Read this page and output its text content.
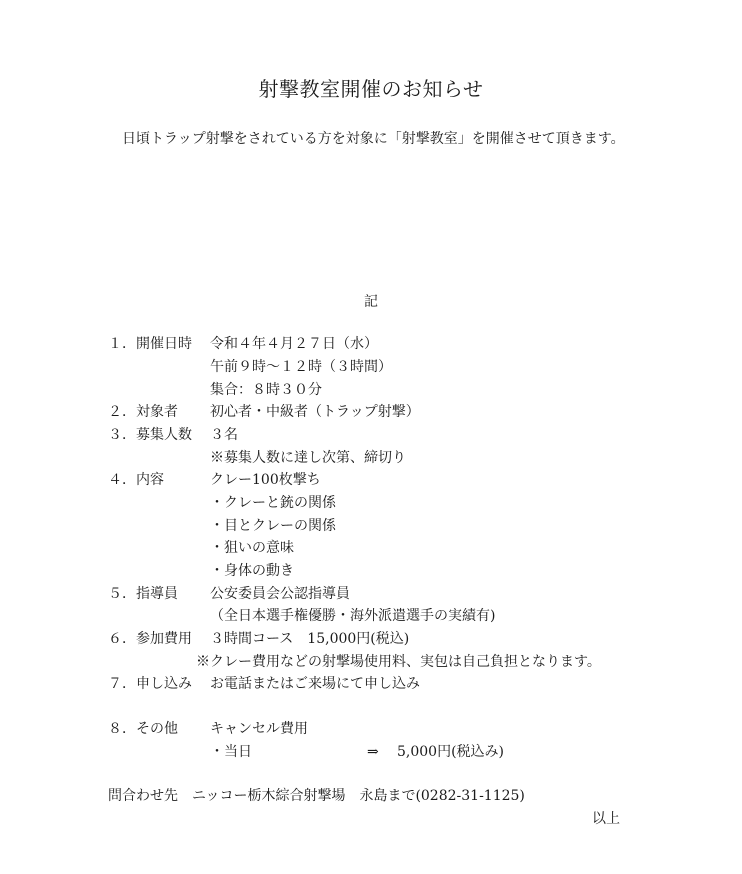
射撃教室開催のお知らせ
　日頃トラップ射撃をされている方を対象に「射撃教室」を開催させて頂きます。
記
１． 開催日時 令和４年４月２７日（水）
午前９時～１２時（３時間）
集合：８時３０分
２． 対象者 初心者・中級者（トラップ射撃）
３． 募集人数 ３名
※募集人数に達し次第、締切り
４． 内容	クレー100枚撃ち
・クレーと銃の関係
・目とクレーの関係
・狙いの意味
・身体の動き
５． 指導員 公安委員会公認指導員
（全日本選手権優勝・海外派遣選手の実績有)
６． 参加費用 ３時間コース　15,000円(税込)
※クレー費用などの射撃場使用料、実包は自己負担となります。
７． 申し込み お電話またはご来場にて申し込み
８． その他 キャンセル費用
・当日	⇒ 5,000円(税込み)
問合わせ先　ニッコー栃木綜合射撃場　永島まで(0282-31-1125)
以上
